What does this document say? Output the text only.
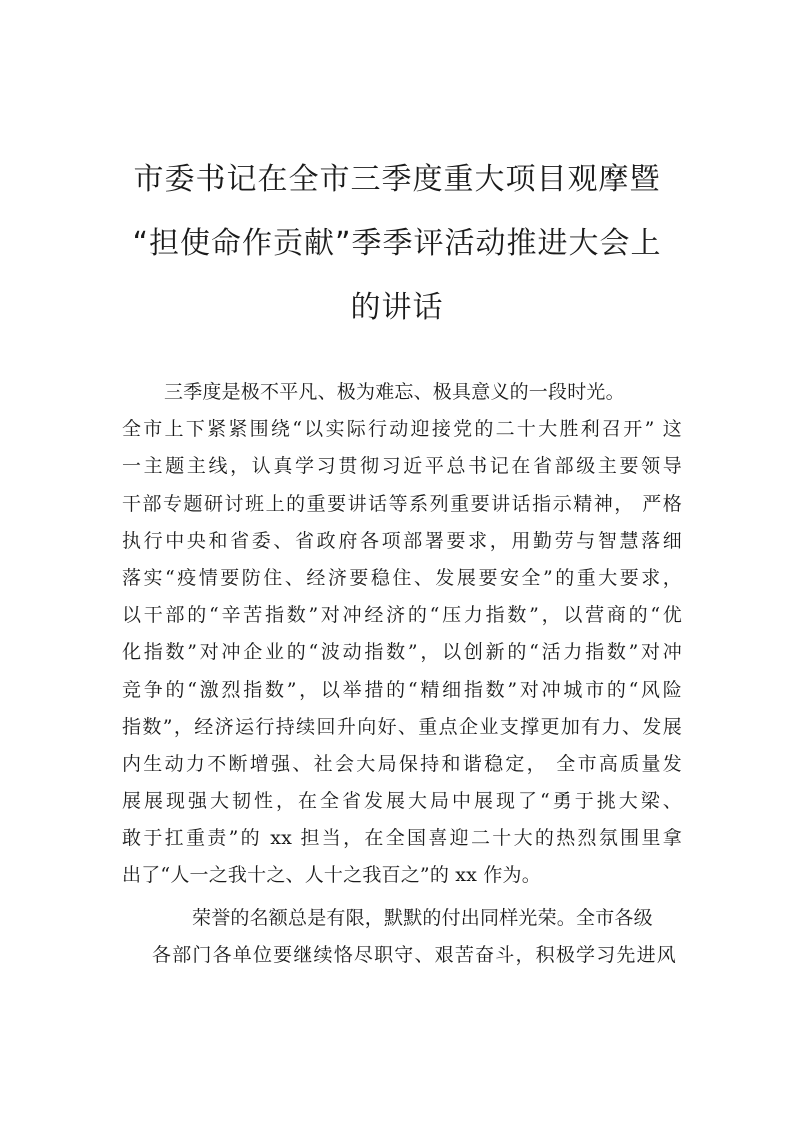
市委书记在全市三季度重大项目观摩暨
“担使命作贡献”季季评活动推进大会上
的讲话
三季度是极不平凡、极为难忘、极具意义的一段时光。
全市上下紧紧围绕“以实际行动迎接党的二十大胜利召开” 这
一主题主线，认真学习贯彻习近平总书记在省部级主要领导
干部专题研讨班上的重要讲话等系列重要讲话指示精神， 严格
执行中央和省委、省政府各项部署要求，用勤劳与智慧落细
落实“疫情要防住、经济要稳住、发展要安全”的重大要求，
以干部的“辛苦指数”对冲经济的“压力指数”，以营商的“优
化指数”对冲企业的“波动指数”，以创新的“活力指数”对冲
竞争的“激烈指数”，以举措的“精细指数”对冲城市的“风险
指数”，经济运行持续回升向好、重点企业支撑更加有力、发展
内生动力不断增强、社会大局保持和谐稳定， 全市高质量发
展展现强大韧性，在全省发展大局中展现了“勇于挑大梁、
敢于扛重责”的 xx 担当，在全国喜迎二十大的热烈氛围里拿
出了“人一之我十之、人十之我百之”的 xx 作为。
荣誉的名额总是有限，默默的付出同样光荣。全市各级
各部门各单位要继续恪尽职守、艰苦奋斗，积极学习先进风
